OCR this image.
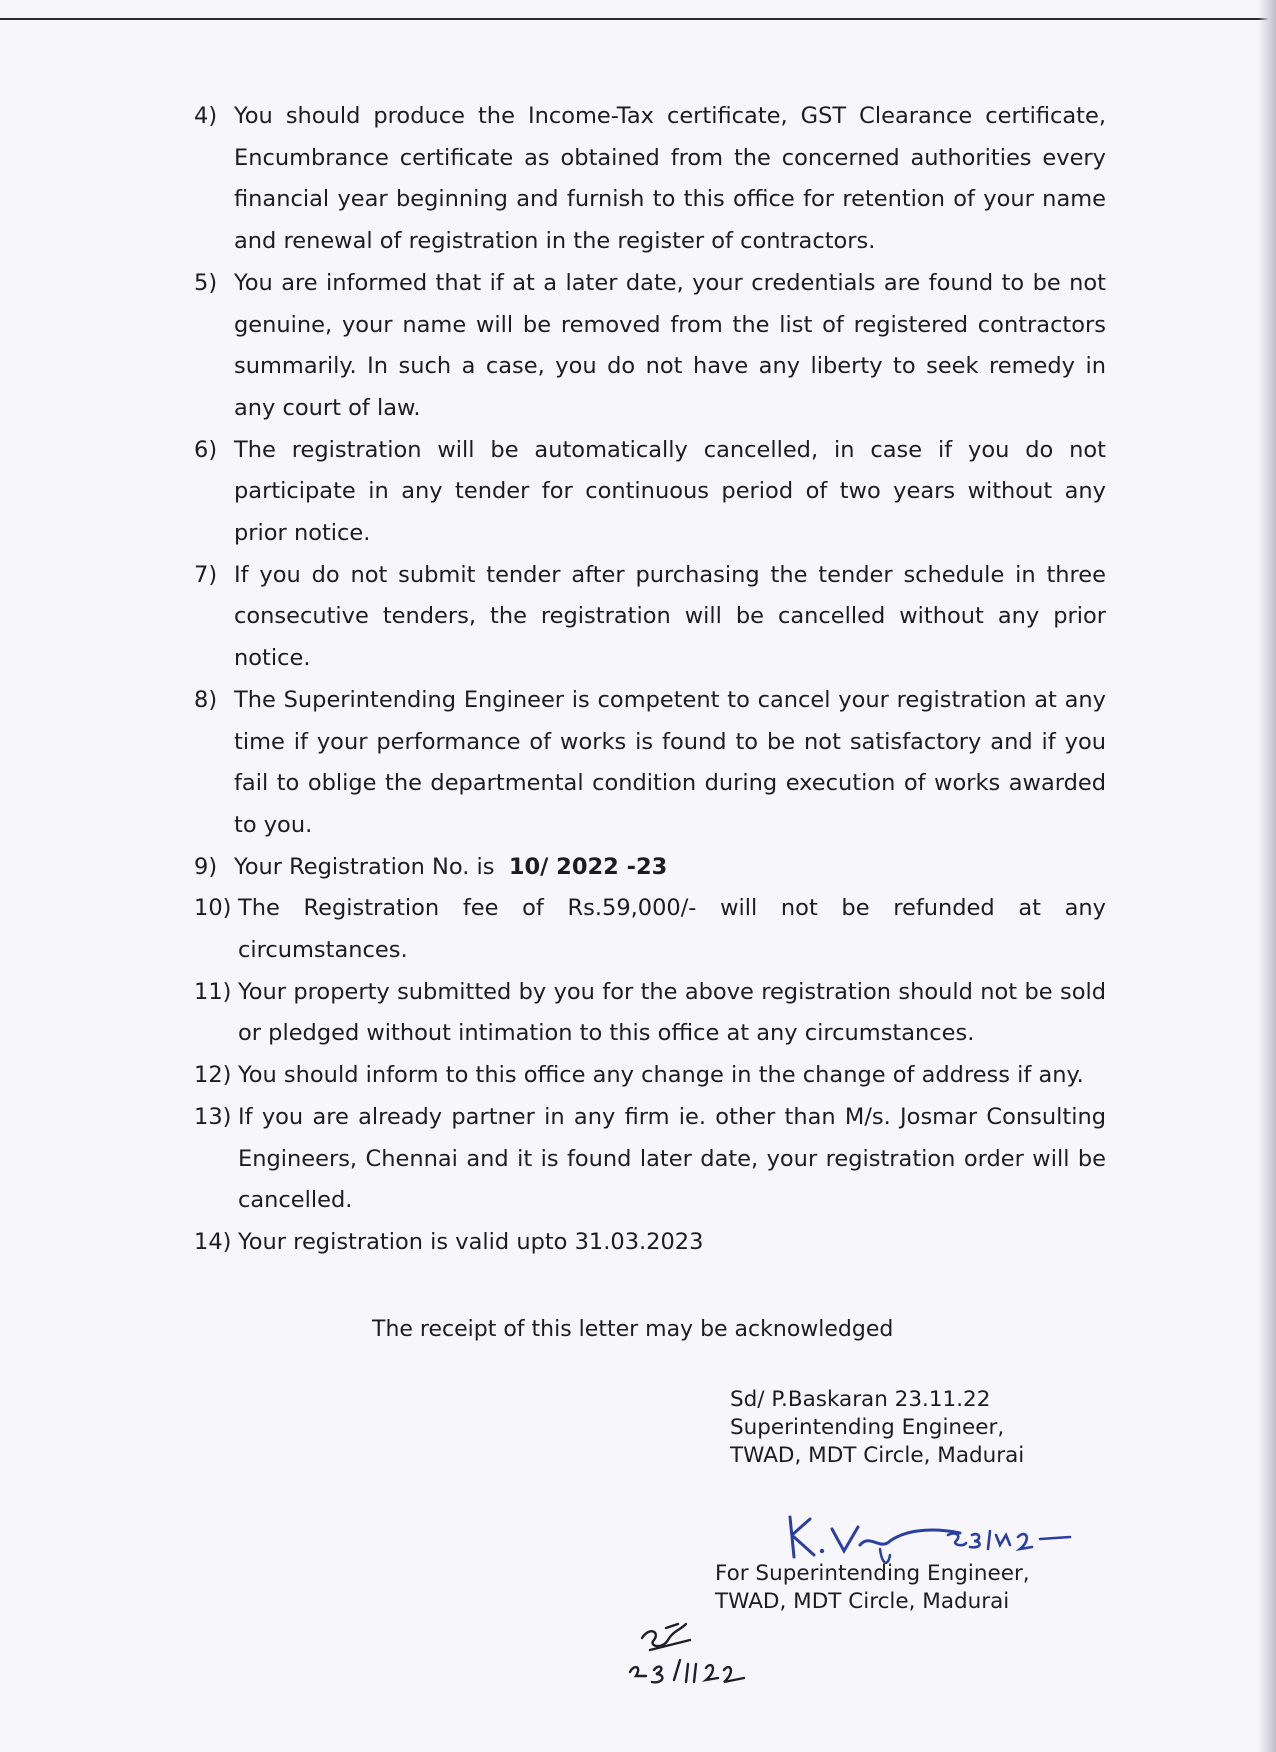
4) You should produce the Income-Tax certificate, GST Clearance certificate, Encumbrance certificate as obtained from the concerned authorities every financial year beginning and furnish to this office for retention of your name and renewal of registration in the register of contractors.
5) You are informed that if at a later date, your credentials are found to be not genuine, your name will be removed from the list of registered contractors summarily. In such a case, you do not have any liberty to seek remedy in any court of law.
6) The registration will be automatically cancelled, in case if you do not participate in any tender for continuous period of two years without any prior notice.
7) If you do not submit tender after purchasing the tender schedule in three consecutive tenders, the registration will be cancelled without any prior notice.
8) The Superintending Engineer is competent to cancel your registration at any time if your performance of works is found to be not satisfactory and if you fail to oblige the departmental condition during execution of works awarded to you.
9) Your Registration No. is 10/ 2022 -23
10) The Registration fee of Rs.59,000/- will not be refunded at any circumstances.
11) Your property submitted by you for the above registration should not be sold or pledged without intimation to this office at any circumstances.
12) You should inform to this office any change in the change of address if any.
13) If you are already partner in any firm ie. other than M/s. Josmar Consulting Engineers, Chennai and it is found later date, your registration order will be cancelled.
14) Your registration is valid upto 31.03.2023
The receipt of this letter may be acknowledged
Sd/ P.Baskaran 23.11.22
Superintending Engineer,
TWAD, MDT Circle, Madurai
For Superintending Engineer,
TWAD, MDT Circle, Madurai
